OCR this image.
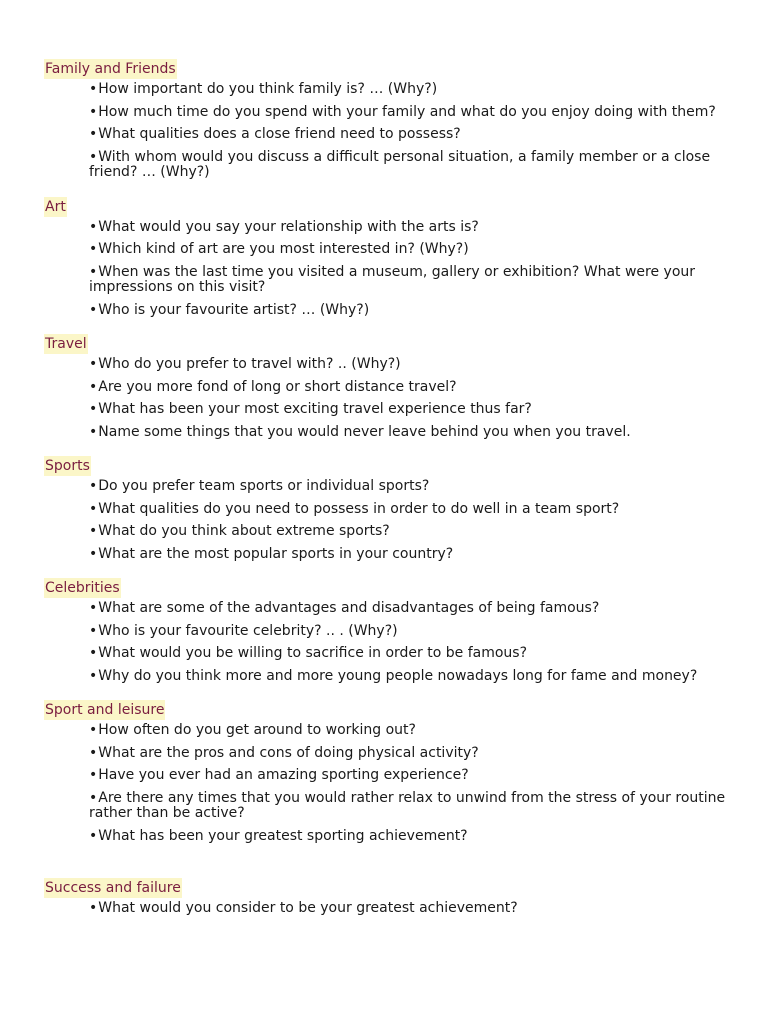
Family and Friends
•How important do you think family is? … (Why?)
•How much time do you spend with your family and what do you enjoy doing with them?
•What qualities does a close friend need to possess?
•With whom would you discuss a difficult personal situation, a family member or a close friend? … (Why?)
Art
•What would you say your relationship with the arts is?
•Which kind of art are you most interested in? (Why?)
•When was the last time you visited a museum, gallery or exhibition? What were your impressions on this visit?
•Who is your favourite artist? … (Why?)
Travel
•Who do you prefer to travel with? .. (Why?)
•Are you more fond of long or short distance travel?
•What has been your most exciting travel experience thus far?
•Name some things that you would never leave behind you when you travel.
Sports
•Do you prefer team sports or individual sports?
•What qualities do you need to possess in order to do well in a team sport?
•What do you think about extreme sports?
•What are the most popular sports in your country?
Celebrities
•What are some of the advantages and disadvantages of being famous?
•Who is your favourite celebrity? .. . (Why?)
•What would you be willing to sacrifice in order to be famous?
•Why do you think more and more young people nowadays long for fame and money?
Sport and leisure
•How often do you get around to working out?
•What are the pros and cons of doing physical activity?
•Have you ever had an amazing sporting experience?
•Are there any times that you would rather relax to unwind from the stress of your routine rather than be active?
•What has been your greatest sporting achievement?
Success and failure
•What would you consider to be your greatest achievement?
